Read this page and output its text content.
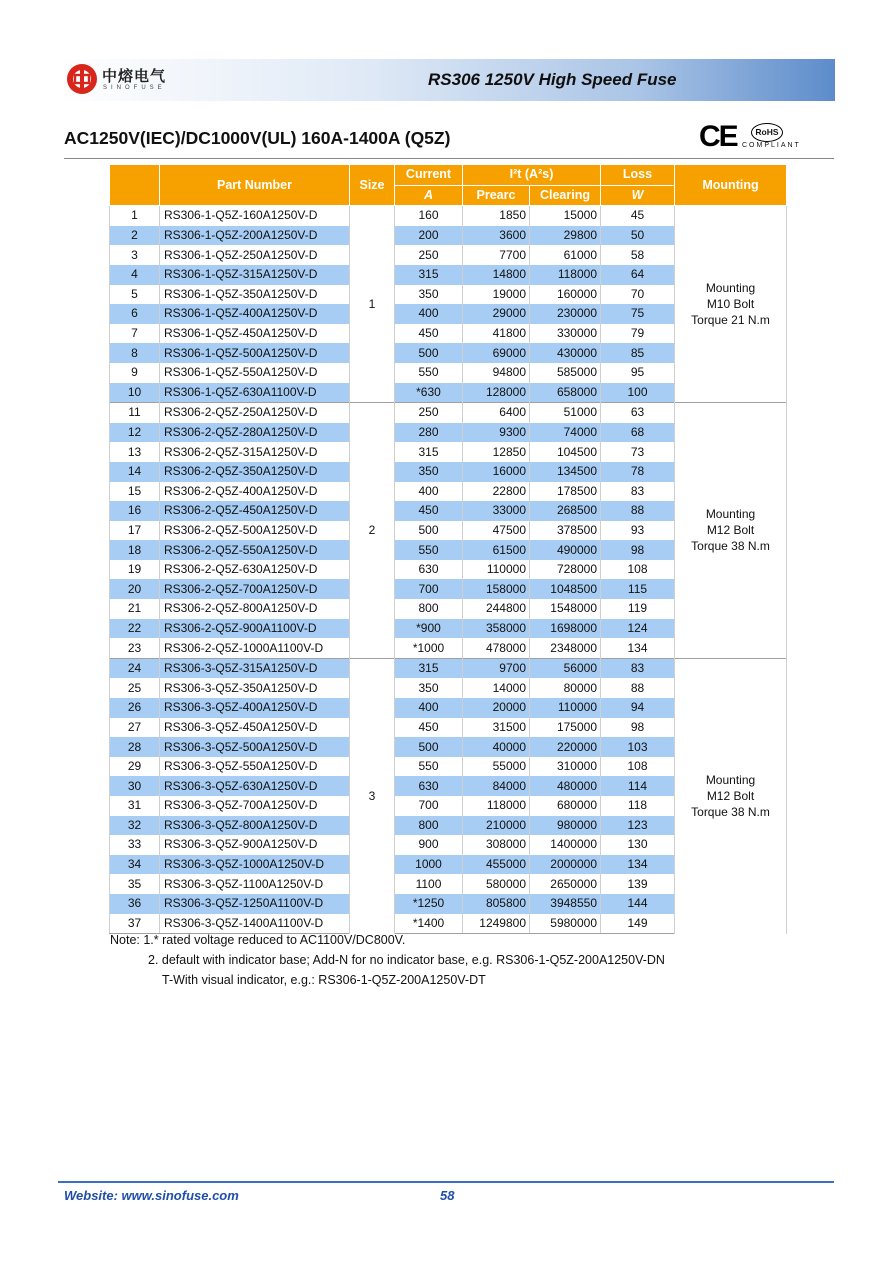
中熔电气
SINOFUSE	RS306 1250V High Speed Fuse
AC1250V(IEC)/DC1000V(UL) 160A-1400A (Q5Z)	CE	RoHS
COMPLIANT
	Part Number	Size	Current	I²t (A²s)		Loss	Mounting
			A	Prearc	Clearing	W	
1	RS306-1-Q5Z-160A1250V-D	1	160	1850	15000	45	Mounting
M10 Bolt
Torque 21 N.m

2	RS306-1-Q5Z-200A1250V-D		200	3600	29800	50	
3	RS306-1-Q5Z-250A1250V-D		250	7700	61000	58	
4	RS306-1-Q5Z-315A1250V-D		315	14800	118000	64	
5	RS306-1-Q5Z-350A1250V-D		350	19000	160000	70	
6	RS306-1-Q5Z-400A1250V-D		400	29000	230000	75	
7	RS306-1-Q5Z-450A1250V-D		450	41800	330000	79	
8	RS306-1-Q5Z-500A1250V-D		500	69000	430000	85	
9	RS306-1-Q5Z-550A1250V-D		550	94800	585000	95	
10	RS306-1-Q5Z-630A1100V-D		*630	128000	658000	100	
11	RS306-2-Q5Z-250A1250V-D	2	250	6400	51000	63	Mounting
M12 Bolt
Torque 38 N.m

12	RS306-2-Q5Z-280A1250V-D		280	9300	74000	68	
13	RS306-2-Q5Z-315A1250V-D		315	12850	104500	73	
14	RS306-2-Q5Z-350A1250V-D		350	16000	134500	78	
15	RS306-2-Q5Z-400A1250V-D		400	22800	178500	83	
16	RS306-2-Q5Z-450A1250V-D		450	33000	268500	88	
17	RS306-2-Q5Z-500A1250V-D		500	47500	378500	93	
18	RS306-2-Q5Z-550A1250V-D		550	61500	490000	98	
19	RS306-2-Q5Z-630A1250V-D		630	110000	728000	108	
20	RS306-2-Q5Z-700A1250V-D		700	158000	1048500	115	
21	RS306-2-Q5Z-800A1250V-D		800	244800	1548000	119	
22	RS306-2-Q5Z-900A1100V-D		*900	358000	1698000	124	
23	RS306-2-Q5Z-1000A1100V-D		*1000	478000	2348000	134	
24	RS306-3-Q5Z-315A1250V-D	3	315	9700	56000	83	Mounting
M12 Bolt
Torque 38 N.m

25	RS306-3-Q5Z-350A1250V-D		350	14000	80000	88	
26	RS306-3-Q5Z-400A1250V-D		400	20000	110000	94	
27	RS306-3-Q5Z-450A1250V-D		450	31500	175000	98	
28	RS306-3-Q5Z-500A1250V-D		500	40000	220000	103	
29	RS306-3-Q5Z-550A1250V-D		550	55000	310000	108	
30	RS306-3-Q5Z-630A1250V-D		630	84000	480000	114	
31	RS306-3-Q5Z-700A1250V-D		700	118000	680000	118	
32	RS306-3-Q5Z-800A1250V-D		800	210000	980000	123	
33	RS306-3-Q5Z-900A1250V-D		900	308000	1400000	130	
34	RS306-3-Q5Z-1000A1250V-D		1000	455000	2000000	134	
35	RS306-3-Q5Z-1100A1250V-D		1100	580000	2650000	139	
36	RS306-3-Q5Z-1250A1100V-D		*1250	805800	3948550	144	
37	RS306-3-Q5Z-1400A1100V-D		*1400	1249800	5980000	149	
Note: 1.* rated voltage reduced to AC1100V/DC800V.
2. default with indicator base; Add-N for no indicator base, e.g. RS306-1-Q5Z-200A1250V-DN
T-With visual indicator, e.g.: RS306-1-Q5Z-200A1250V-DT
Website: www.sinofuse.com	58
